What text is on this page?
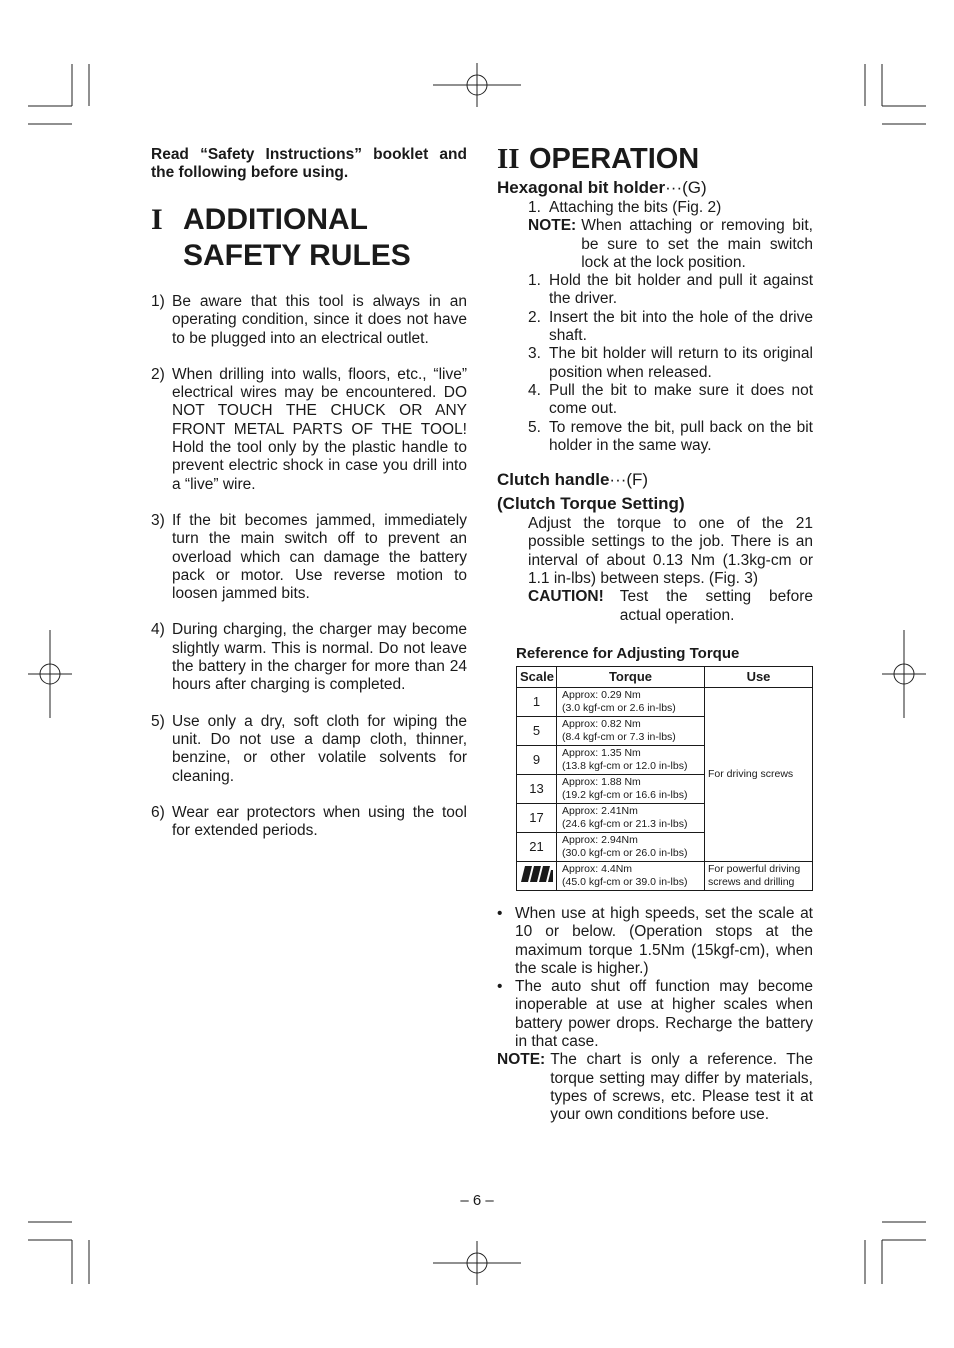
Read “Safety Instructions” booklet and the following before using.
I ADDITIONAL
SAFETY RULES
1) Be aware that this tool is always in an operating condition, since it does not have to be plugged into an electrical outlet.
2) When drilling into walls, floors, etc., “live” electrical wires may be encountered. DO NOT TOUCH THE CHUCK OR ANY FRONT METAL PARTS OF THE TOOL! Hold the tool only by the plastic handle to prevent electric shock in case you drill into a “live” wire.
3) If the bit becomes jammed, immediately turn the main switch off to prevent an overload which can damage the battery pack or motor. Use reverse motion to loosen jammed bits.
4) During charging, the charger may become slightly warm. This is normal. Do not leave the battery in the charger for more than 24 hours after charging is completed.
5) Use only a dry, soft cloth for wiping the unit. Do not use a damp cloth, thinner, benzine, or other volatile solvents for cleaning.
6) Wear ear protectors when using the tool for extended periods.
II OPERATION
Hexagonal bit holder···(G)
1. Attaching the bits (Fig. 2)
NOTE: When attaching or removing bit, be sure to set the main switch lock at the lock position.
1. Hold the bit holder and pull it against the driver.
2. Insert the bit into the hole of the drive shaft.
3. The bit holder will return to its original position when released.
4. Pull the bit to make sure it does not come out.
5. To remove the bit, pull back on the bit holder in the same way.
Clutch handle···(F)
(Clutch Torque Setting)
Adjust the torque to one of the 21 possible settings to the job. There is an interval of about 0.13 Nm (1.3kg-cm or 1.1 in-lbs) between steps. (Fig. 3)
CAUTION! Test the setting before actual operation.
Reference for Adjusting Torque
Scale	Torque	Use
1	Approx: 0.29 Nm
(3.0 kgf-cm or 2.6 in-lbs)	For driving screws
5	Approx: 0.82 Nm
(8.4 kgf-cm or 7.3 in-lbs)	
9	Approx: 1.35 Nm
(13.8 kgf-cm or 12.0 in-lbs)	
13	Approx: 1.88 Nm
(19.2 kgf-cm or 16.6 in-lbs)	
17	Approx: 2.41Nm
(24.6 kgf-cm or 21.3 in-lbs)	
21	Approx: 2.94Nm
(30.0 kgf-cm or 26.0 in-lbs)	
	Approx: 4.4Nm
(45.0 kgf-cm or 39.0 in-lbs)	For powerful driving screws and drilling
• When use at high speeds, set the scale at 10 or below. (Operation stops at the maximum torque 1.5Nm (15kgf-cm), when the scale is higher.)
• The auto shut off function may become inoperable at use at higher scales when battery power drops. Recharge the battery in that case.
NOTE: The chart is only a reference. The torque setting may differ by materials, types of screws, etc. Please test it at your own conditions before use.
– 6 –
